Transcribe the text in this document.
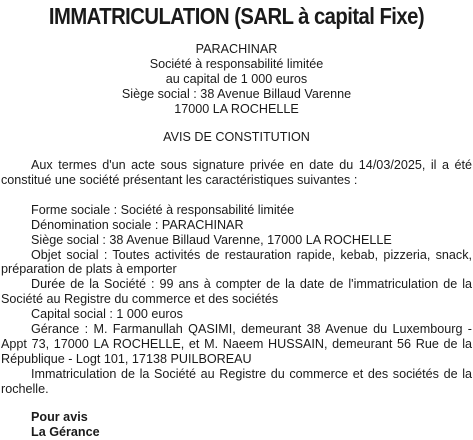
IMMATRICULATION (SARL à capital Fixe)
PARACHINAR
Société à responsabilité limitée
au capital de 1 000 euros
Siège social : 38 Avenue Billaud Varenne
17000 LA ROCHELLE
AVIS DE CONSTITUTION

Aux termes d'un acte sous signature privée en date du 14/03/2025, il a été constitué une société présentant les caractéristiques suivantes :

Forme sociale : Société à responsabilité limitée

Dénomination sociale : PARACHINAR

Siège social : 38 Avenue Billaud Varenne, 17000 LA ROCHELLE

Objet social : Toutes activités de restauration rapide, kebab, pizzeria, snack, préparation de plats à emporter

Durée de la Société : 99 ans à compter de la date de l'immatriculation de la Société au Registre du commerce et des sociétés

Capital social : 1 000 euros

Gérance : M. Farmanullah QASIMI, demeurant 38 Avenue du Luxembourg - Appt 73, 17000 LA ROCHELLE, et M. Naeem HUSSAIN, demeurant 56 Rue de la République - Logt 101, 17138 PUILBOREAU

Immatriculation de la Société au Registre du commerce et des sociétés de la rochelle.

Pour avis
La Gérance
